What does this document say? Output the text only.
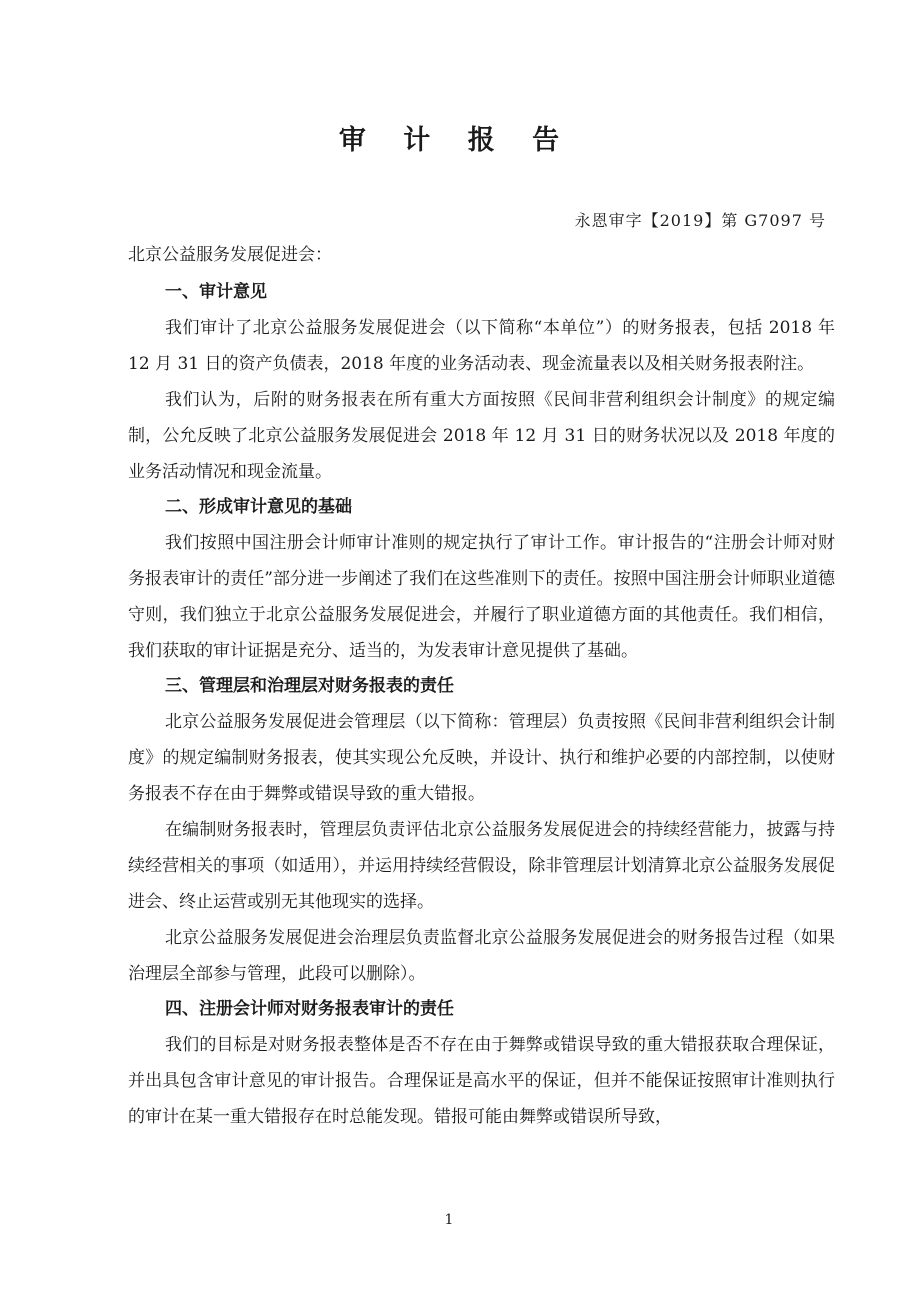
审 计 报 告
永恩审字【2019】第 G7097 号
北京公益服务发展促进会：

一、审计意见

我们审计了北京公益服务发展促进会（以下简称“本单位”）的财务报表，包括 2018 年 12 月 31 日的资产负债表，2018 年度的业务活动表、现金流量表以及相关财务报表附注。

我们认为，后附的财务报表在所有重大方面按照《民间非营利组织会计制度》的规定编制，公允反映了北京公益服务发展促进会 2018 年 12 月 31 日的财务状况以及 2018 年度的业务活动情况和现金流量。

二、形成审计意见的基础

我们按照中国注册会计师审计准则的规定执行了审计工作。审计报告的“注册会计师对财务报表审计的责任”部分进一步阐述了我们在这些准则下的责任。按照中国注册会计师职业道德守则，我们独立于北京公益服务发展促进会，并履行了职业道德方面的其他责任。我们相信，我们获取的审计证据是充分、适当的，为发表审计意见提供了基础。

三、管理层和治理层对财务报表的责任

北京公益服务发展促进会管理层（以下简称：管理层）负责按照《民间非营利组织会计制度》的规定编制财务报表，使其实现公允反映，并设计、执行和维护必要的内部控制，以使财务报表不存在由于舞弊或错误导致的重大错报。

在编制财务报表时，管理层负责评估北京公益服务发展促进会的持续经营能力，披露与持续经营相关的事项（如适用），并运用持续经营假设，除非管理层计划清算北京公益服务发展促进会、终止运营或别无其他现实的选择。

北京公益服务发展促进会治理层负责监督北京公益服务发展促进会的财务报告过程（如果治理层全部参与管理，此段可以删除）。

四、注册会计师对财务报表审计的责任

我们的目标是对财务报表整体是否不存在由于舞弊或错误导致的重大错报获取合理保证，并出具包含审计意见的审计报告。合理保证是高水平的保证，但并不能保证按照审计准则执行的审计在某一重大错报存在时总能发现。错报可能由舞弊或错误所导致，

1
